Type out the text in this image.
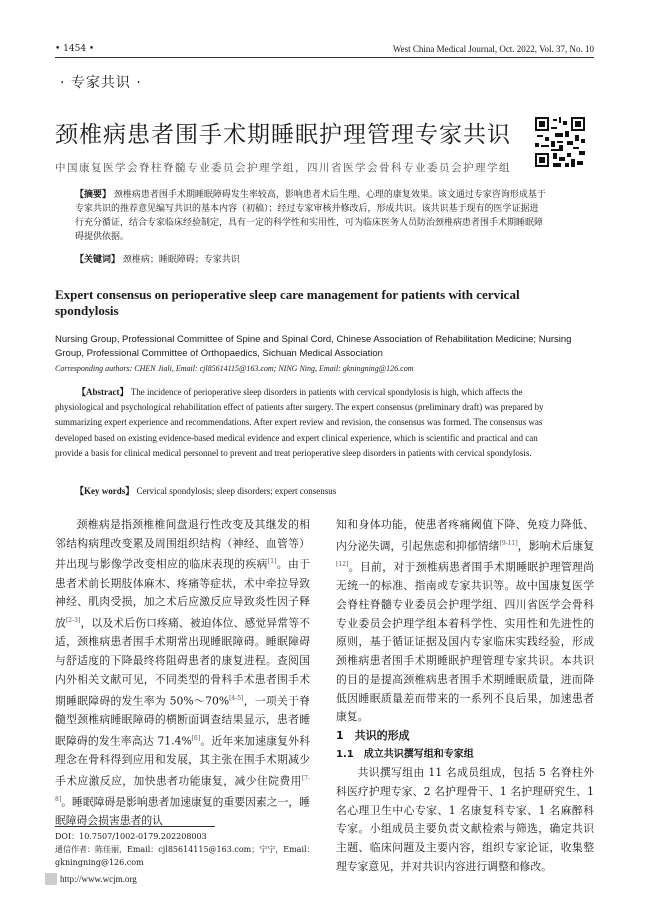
• 1454 •	West China Medical Journal, Oct. 2022, Vol. 37, No. 10
· 专家共识 ·
颈椎病患者围手术期睡眠护理管理专家共识
中国康复医学会脊柱脊髓专业委员会护理学组，四川省医学会骨科专业委员会护理学组
【摘要】 颈椎病患者围手术期睡眠障碍发生率较高，影响患者术后生理、心理的康复效果。该文通过专家咨询形成基于专家共识的推荐意见编写共识的基本内容（初稿）；经过专家审核并修改后，形成共识。该共识基于现有的医学证据进行充分循证，结合专家临床经验制定，具有一定的科学性和实用性，可为临床医务人员防治颈椎病患者围手术期睡眠障碍提供依据。
【关键词】 颈椎病；睡眠障碍；专家共识
Expert consensus on perioperative sleep care management for patients with cervical spondylosis
Nursing Group, Professional Committee of Spine and Spinal Cord, Chinese Association of Rehabilitation Medicine; Nursing Group, Professional Committee of Orthopaedics, Sichuan Medical Association
Corresponding authors: CHEN Jiali, Email: cjl85614115@163.com; NING Ning, Email: gkningning@126.com
【Abstract】 The incidence of perioperative sleep disorders in patients with cervical spondylosis is high, which affects the physiological and psychological rehabilitation effect of patients after surgery. The expert consensus (preliminary draft) was prepared by summarizing expert experience and recommendations. After expert review and revision, the consensus was formed. The consensus was developed based on existing evidence-based medical evidence and expert clinical experience, which is scientific and practical and can provide a basis for clinical medical personnel to prevent and treat perioperative sleep disorders in patients with cervical spondylosis.
【Key words】 Cervical spondylosis; sleep disorders; expert consensus

颈椎病是指颈椎椎间盘退行性改变及其继发的相邻结构病理改变累及周围组织结构（神经、血管等）并出现与影像学改变相应的临床表现的疾病[1]。由于患者术前长期肢体麻木、疼痛等症状，术中牵拉导致神经、肌肉受损，加之术后应激反应导致炎性因子释放[2-3]，以及术后伤口疼痛、被迫体位、感觉异常等不适，颈椎病患者围手术期常出现睡眠障碍。睡眠障碍与舒适度的下降最终将阻碍患者的康复进程。查阅国内外相关文献可见，不同类型的骨科手术患者围手术期睡眠障碍的发生率为 50%～70%[4-5]，一项关于脊髓型颈椎病睡眠障碍的横断面调查结果显示，患者睡眠障碍的发生率高达 71.4%[6]。近年来加速康复外科理念在骨科得到应用和发展，其主张在围手术期减少手术应激反应，加快患者功能康复，减少住院费用[7-8]。睡眠障碍是影响患者加速康复的重要因素之一，睡眠障碍会损害患者的认

知和身体功能，使患者疼痛阈值下降、免疫力降低、内分泌失调，引起焦虑和抑郁情绪[9-11]，影响术后康复[12]。目前，对于颈椎病患者围手术期睡眠护理管理尚无统一的标准、指南或专家共识等。故中国康复医学会脊柱脊髓专业委员会护理学组、四川省医学会骨科专业委员会护理学组本着科学性、实用性和先进性的原则，基于循证证据及国内专家临床实践经验，形成颈椎病患者围手术期睡眠护理管理专家共识。本共识的目的是提高颈椎病患者围手术期睡眠质量，进而降低因睡眠质量差而带来的一系列不良后果，加速患者康复。

1　共识的形成

1.1　成立共识撰写组和专家组

共识撰写组由 11 名成员组成，包括 5 名脊柱外科医疗护理专家、2 名护理骨干、1 名护理研究生、1 名心理卫生中心专家、1 名康复科专家、1 名麻醉科专家。小组成员主要负责文献检索与筛选，确定共识主题、临床问题及主要内容，组织专家论证，收集整理专家意见，并对共识内容进行调整和修改。

DOI：10.7507/1002-0179.202208003
通信作者：陈佳丽，Email：cjl85614115@163.com；宁宁，Email：gkningning@126.com
http://www.wcjm.org
